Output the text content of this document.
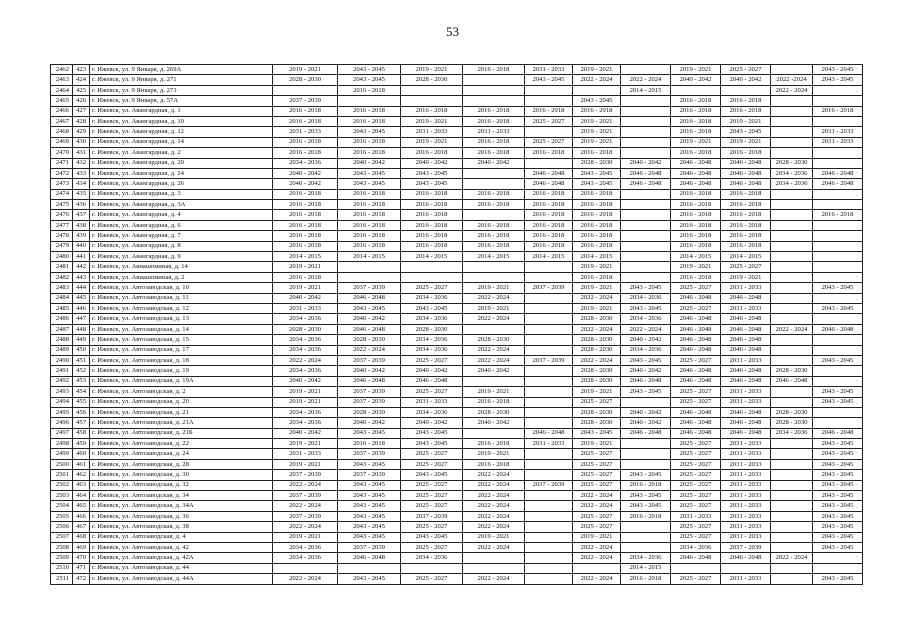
53
2462	423	г. Ижевск, ул. 9 Января, д. 269А	2019 - 2021	2043 - 2045	2019 - 2021	2016 - 2018	2031 - 2033	2019 - 2021		2019 - 2021	2025 - 2027		2043 - 2045
2463	424	г. Ижевск, ул. 9 Января, д. 271	2028 - 2030	2043 - 2045	2028 - 2030		2043 - 2045	2022 - 2024	2022 - 2024	2040 - 2042	2040 - 2042	2022 -2024	2043 - 2045
2464	425	г. Ижевск, ул. 9 Января, д. 273		2016 - 2018					2014 - 2015			2022 - 2024	
2465	426	г. Ижевск, ул. 9 Января, д. 57А	2037 - 2039					2043 - 2045		2016 - 2018	2016 - 2018		
2466	427	г. Ижевск, ул. Авангардная, д. 1	2016 - 2018	2016 - 2018	2016 - 2018	2016 - 2018	2016 - 2018	2016 - 2018		2016 - 2018	2016 - 2018		2016 - 2018
2467	428	г. Ижевск, ул. Авангардная, д. 10	2016 - 2018	2016 - 2018	2019 - 2021	2016 - 2018	2025 - 2027	2019 - 2021		2016 - 2018	2019 - 2021		
2468	429	г. Ижевск, ул. Авангардная, д. 12	2031 - 2033	2043 - 2045	2031 - 2033	2031 - 2033		2019 - 2021		2016 - 2018	2043 - 2045		2031 - 2033
2469	430	г. Ижевск, ул. Авангардная, д. 14	2016 - 2018	2016 - 2018	2019 - 2021	2016 - 2018	2025 - 2027	2019 - 2021		2019 - 2021	2019 - 2021		2031 - 2033
2470	431	г. Ижевск, ул. Авангардная, д. 2	2016 - 2018	2016 - 2018	2016 - 2018	2016 - 2018	2016 - 2018	2016 - 2018		2016 - 2018	2016 - 2018		
2471	432	г. Ижевск, ул. Авангардная, д. 20	2034 - 2036	2040 - 2042	2040 - 2042	2040 - 2042		2028 - 2030	2040 - 2042	2046 - 2048	2046 - 2048	2028 - 2030	
2472	433	г. Ижевск, ул. Авангардная, д. 24	2040 - 2042	2043 - 2045	2043 - 2045		2046 - 2048	2043 - 2045	2046 - 2048	2046 - 2048	2046 - 2048	2034 - 2036	2046 - 2048
2473	434	г. Ижевск, ул. Авангардная, д. 26	2040 - 2042	2043 - 2045	2043 - 2045		2046 - 2048	2043 - 2045	2046 - 2048	2046 - 2048	2046 - 2048	2034 - 2036	2046 - 2048
2474	435	г. Ижевск, ул. Авангардная, д. 3	2016 - 2018	2016 - 2018	2016 - 2018	2016 - 2018	2016 - 2018	2016 - 2018		2016 - 2018	2016 - 2018		
2475	436	г. Ижевск, ул. Авангардная, д. 3А	2016 - 2018	2016 - 2018	2016 - 2018	2016 - 2018	2016 - 2018	2016 - 2018		2016 - 2018	2016 - 2018		
2476	437	г. Ижевск, ул. Авангардная, д. 4	2016 - 2018	2016 - 2018	2016 - 2018		2016 - 2018	2016 - 2018		2016 - 2018	2016 - 2018		2016 - 2018
2477	438	г. Ижевск, ул. Авангардная, д. 6	2016 - 2018	2016 - 2018	2016 - 2018	2016 - 2018	2016 - 2018	2016 - 2018		2016 - 2018	2016 - 2018		
2478	439	г. Ижевск, ул. Авангардная, д. 7	2016 - 2018	2016 - 2018	2016 - 2018	2016 - 2018	2016 - 2018	2016 - 2018		2016 - 2018	2016 - 2018		
2479	440	г. Ижевск, ул. Авангардная, д. 8	2016 - 2018	2016 - 2018	2016 - 2018	2016 - 2018	2016 - 2018	2016 - 2018		2016 - 2018	2016 - 2018		
2480	441	г. Ижевск, ул. Авангардная, д. 9	2014 - 2015	2014 - 2015	2014 - 2015	2014 - 2015	2014 - 2015	2014 - 2015		2014 - 2015	2014 - 2015		
2481	442	г. Ижевск, ул. Авиашоминая, д. 14	2019 - 2021					2019 - 2021		2019 - 2021	2025 - 2027		
2482	443	г. Ижевск, ул. Авиашоминая, д. 2	2016 - 2018					2016 - 2018		2016 - 2018	2019 - 2021		
2483	444	г. Ижевск, ул. Автозаводская, д. 10	2019 - 2021	2037 - 2039	2025 - 2027	2019 - 2021	2037 - 2039	2019 - 2021	2043 - 2045	2025 - 2027	2031 - 2033		2043 - 2045
2484	445	г. Ижевск, ул. Автозаводская, д. 11	2040 - 2042	2046 - 2048	2034 - 2036	2022 - 2024		2022 - 2024	2034 - 2036	2046 - 2048	2046 - 2048		
2485	446	г. Ижевск, ул. Автозаводская, д. 12	2031 - 2033	2043 - 2045	2043 - 2045	2019 - 2021		2019 - 2021	2043 - 2045	2025 - 2027	2031 - 2033		2043 - 2045
2486	447	г. Ижевск, ул. Автозаводская, д. 13	2034 - 2036	2040 - 2042	2034 - 2036	2022 - 2024		2028 - 2030	2034 - 2036	2046 - 2048	2046 - 2048		
2487	448	г. Ижевск, ул. Автозаводская, д. 14	2028 - 2030	2046 - 2048	2028 - 2030			2022 - 2024	2022 - 2024	2046 - 2048	2046 - 2048	2022 - 2024	2046 - 2048
2488	449	г. Ижевск, ул. Автозаводская, д. 15	2034 - 2036	2028 - 2030	2034 - 2036	2028 - 2030		2028 - 2030	2040 - 2042	2046 - 2048	2046 - 2048		
2489	450	г. Ижевск, ул. Автозаводская, д. 17	2034 - 2036	2022 - 2024	2034 - 2036	2022 - 2024		2028 - 2030	2034 - 2036	2046 - 2048	2046 - 2048		
2490	451	г. Ижевск, ул. Автозаводская, д. 18	2022 - 2024	2037 - 2039	2025 - 2027	2022 - 2024	2037 - 2039	2022 - 2024	2043 - 2045	2025 - 2027	2031 - 2033		2043 - 2045
2491	452	г. Ижевск, ул. Автозаводская, д. 19	2034 - 2036	2040 - 2042	2040 - 2042	2040 - 2042		2028 - 2030	2040 - 2042	2046 - 2048	2046 - 2048	2028 - 2030	
2492	453	г. Ижевск, ул. Автозаводская, д. 19А	2040 - 2042	2046 - 2048	2046 - 2048			2028 - 2030	2046 - 2048	2046 - 2048	2046 - 2048	2046 - 2048	
2493	454	г. Ижевск, ул. Автозаводская, д. 2	2019 - 2021	2037 - 2039	2025 - 2027	2019 - 2021		2019 - 2021	2043 - 2045	2025 - 2027	2031 - 2033		2043 - 2045
2494	455	г. Ижевск, ул. Автозаводская, д. 20	2019 - 2021	2037 - 2039	2031 - 2033	2016 - 2018		2025 - 2027		2025 - 2027	2031 - 2033		2043 - 2045
2495	456	г. Ижевск, ул. Автозаводская, д. 21	2034 - 2036	2028 - 2030	2034 - 2036	2028 - 2030		2028 - 2030	2040 - 2042	2046 - 2048	2046 - 2048	2028 - 2030	
2496	457	г. Ижевск, ул. Автозаводская, д. 21А	2034 - 2036	2040 - 2042	2040 - 2042	2040 - 2042		2028 - 2030	2040 - 2042	2046 - 2048	2046 - 2048	2028 - 2030	
2497	458	г. Ижевск, ул. Автозаводская, д. 21Б	2040 - 2042	2043 - 2045	2043 - 2045		2046 - 2048	2043 - 2045	2046 - 2048	2046 - 2048	2046 - 2048	2034 - 2036	2046 - 2048
2498	459	г. Ижевск, ул. Автозаводская, д. 22	2019 - 2021	2016 - 2018	2043 - 2045	2016 - 2018	2031 - 2033	2019 - 2021		2025 - 2027	2031 - 2033		2043 - 2045
2499	460	г. Ижевск, ул. Автозаводская, д. 24	2031 - 2033	2037 - 2039	2025 - 2027	2019 - 2021		2025 - 2027		2025 - 2027	2031 - 2033		2043 - 2045
2500	461	г. Ижевск, ул. Автозаводская, д. 28	2019 - 2021	2043 - 2045	2025 - 2027	2016 - 2018		2025 - 2027		2025 - 2027	2031 - 2033		2043 - 2045
2501	462	г. Ижевск, ул. Автозаводская, д. 30	2037 - 2039	2037 - 2039	2043 - 2045	2022 - 2024		2025 - 2027	2043 - 2045	2025 - 2027	2031 - 2033		2043 - 2045
2502	463	г. Ижевск, ул. Автозаводская, д. 32	2022 - 2024	2043 - 2045	2025 - 2027	2022 - 2024	2037 - 2039	2025 - 2027	2016 - 2018	2025 - 2027	2031 - 2033		2043 - 2045
2503	464	г. Ижевск, ул. Автозаводская, д. 34	2037 - 2039	2043 - 2045	2025 - 2027	2022 - 2024		2022 - 2024	2043 - 2045	2025 - 2027	2031 - 2033		2043 - 2045
2504	465	г. Ижевск, ул. Автозаводская, д. 34А	2022 - 2024	2043 - 2045	2025 - 2027	2022 - 2024		2022 - 2024	2043 - 2045	2025 - 2027	2031 - 2033		2043 - 2045
2505	466	г. Ижевск, ул. Автозаводская, д. 36	2037 - 2039	2043 - 2045	2037 - 2039	2022 - 2024		2025 - 2027	2016 - 2018	2031 - 2033	2031 - 2033		2043 - 2045
2506	467	г. Ижевск, ул. Автозаводская, д. 38	2022 - 2024	2043 - 2045	2025 - 2027	2022 - 2024		2025 - 2027		2025 - 2027	2031 - 2033		2043 - 2045
2507	468	г. Ижевск, ул. Автозаводская, д. 4	2019 - 2021	2043 - 2045	2043 - 2045	2019 - 2021		2019 - 2021		2025 - 2027	2031 - 2033		2043 - 2045
2508	469	г. Ижевск, ул. Автозаводская, д. 42	2034 - 2036	2037 - 2039	2025 - 2027	2022 - 2024		2022 - 2024		2034 - 2036	2037 - 2039		2043 - 2045
2509	470	г. Ижевск, ул. Автозаводская, д. 42А	2034 - 2036	2046 - 2048	2034 - 2036			2022 - 2024	2034 - 2036	2046 - 2048	2046 - 2048	2022 - 2024	
2510	471	г. Ижевск, ул. Автозаводская, д. 44							2014 - 2015				
2511	472	г. Ижевск, ул. Автозаводская, д. 44А	2022 - 2024	2043 - 2045	2025 - 2027	2022 - 2024		2022 - 2024	2016 - 2018	2025 - 2027	2031 - 2033		2043 - 2045
